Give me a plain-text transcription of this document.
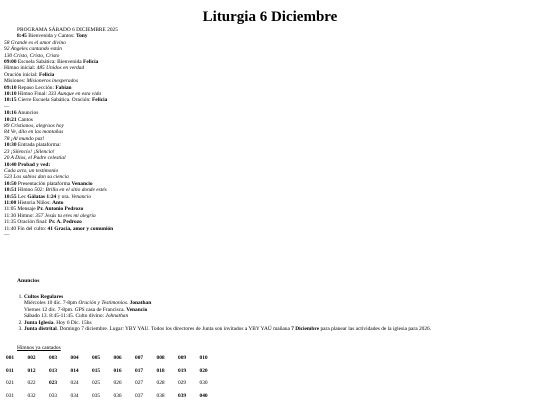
Liturgia 6 Diciembre
PROGRAMA SÁBADO 6 DICIEMBRE 2025
8:45 Bienvenida y Cantos: Tony
58 Grande es el amor divino
92 Ángeles cantando están
130 Cristo, Cristo, Cristo
09:00 Escuela Sabática: Bienvenida Felicia
Himno inicial: 485 Unidos en verdad
Oración inicial: Felicia
Misiones: Misioneros inesperados
09:10 Repaso Lección: Fabian
10:10 Himno Final: 333 Aunque en esta vida
10:15 Cierre Escuela Sabática. Oración: Felicia
—
10:16 Anuncios
10:21 Cantos
89 Cristianos, alegraos hoy
84 Ve, dilo en las montañas
78 ¡Al mundo paz!
10:30 Entrada plataforma:
23 ¡Silencio! ¡Silencio!
20 A Dios, el Padre celestial
10:40 Probad y ved:
Cada acto, un testimonio
523 Los sabios dan su ciencia
10:50 Presentación plataforma Venancio
10:51 Himno 502: Brilla en el sitio donde estés
10:55 Lec Gálatas 1:24 y ora. Venancio
11:00 Historia Niños: Anto
11:05 Mensaje Pr. Antonio Pedrozo
11:30 Himno: 357 Jesús tu eres mi alegría
11:35 Oración final: Pr. A. Pedrozo
11:40 Fin del culto: 41 Gracia, amor y comunión
—
Anuncios
1. Cultos Regulares
Miércoles 10 dic. 7-8pm Oración y Testimonios. Jonathan
Viernes 12 dic. 7-8pm. GPS casa de Francisca. Venancio
Sábado 13. 8:45-11:45. Culto divino: Johnathan
2. Junta Iglesia. Hoy 6 Dic. 15hs
3. Junta distrital. Domingo 7 diciembre. Lugar: YBY YAU. Todos los directores de Junta son invitados a YBY YAÚ mañana 7 Diciembre para planear las actividades de la iglesia para 2026.
Himnos ya cantados
001	002	003	004	005	006	007	008	009	010
011	012	013	014	015	016	017	018	019	020
021	022	023	024	025	026	027	028	029	030
031	032	033	034	035	036	037	038	039	040
